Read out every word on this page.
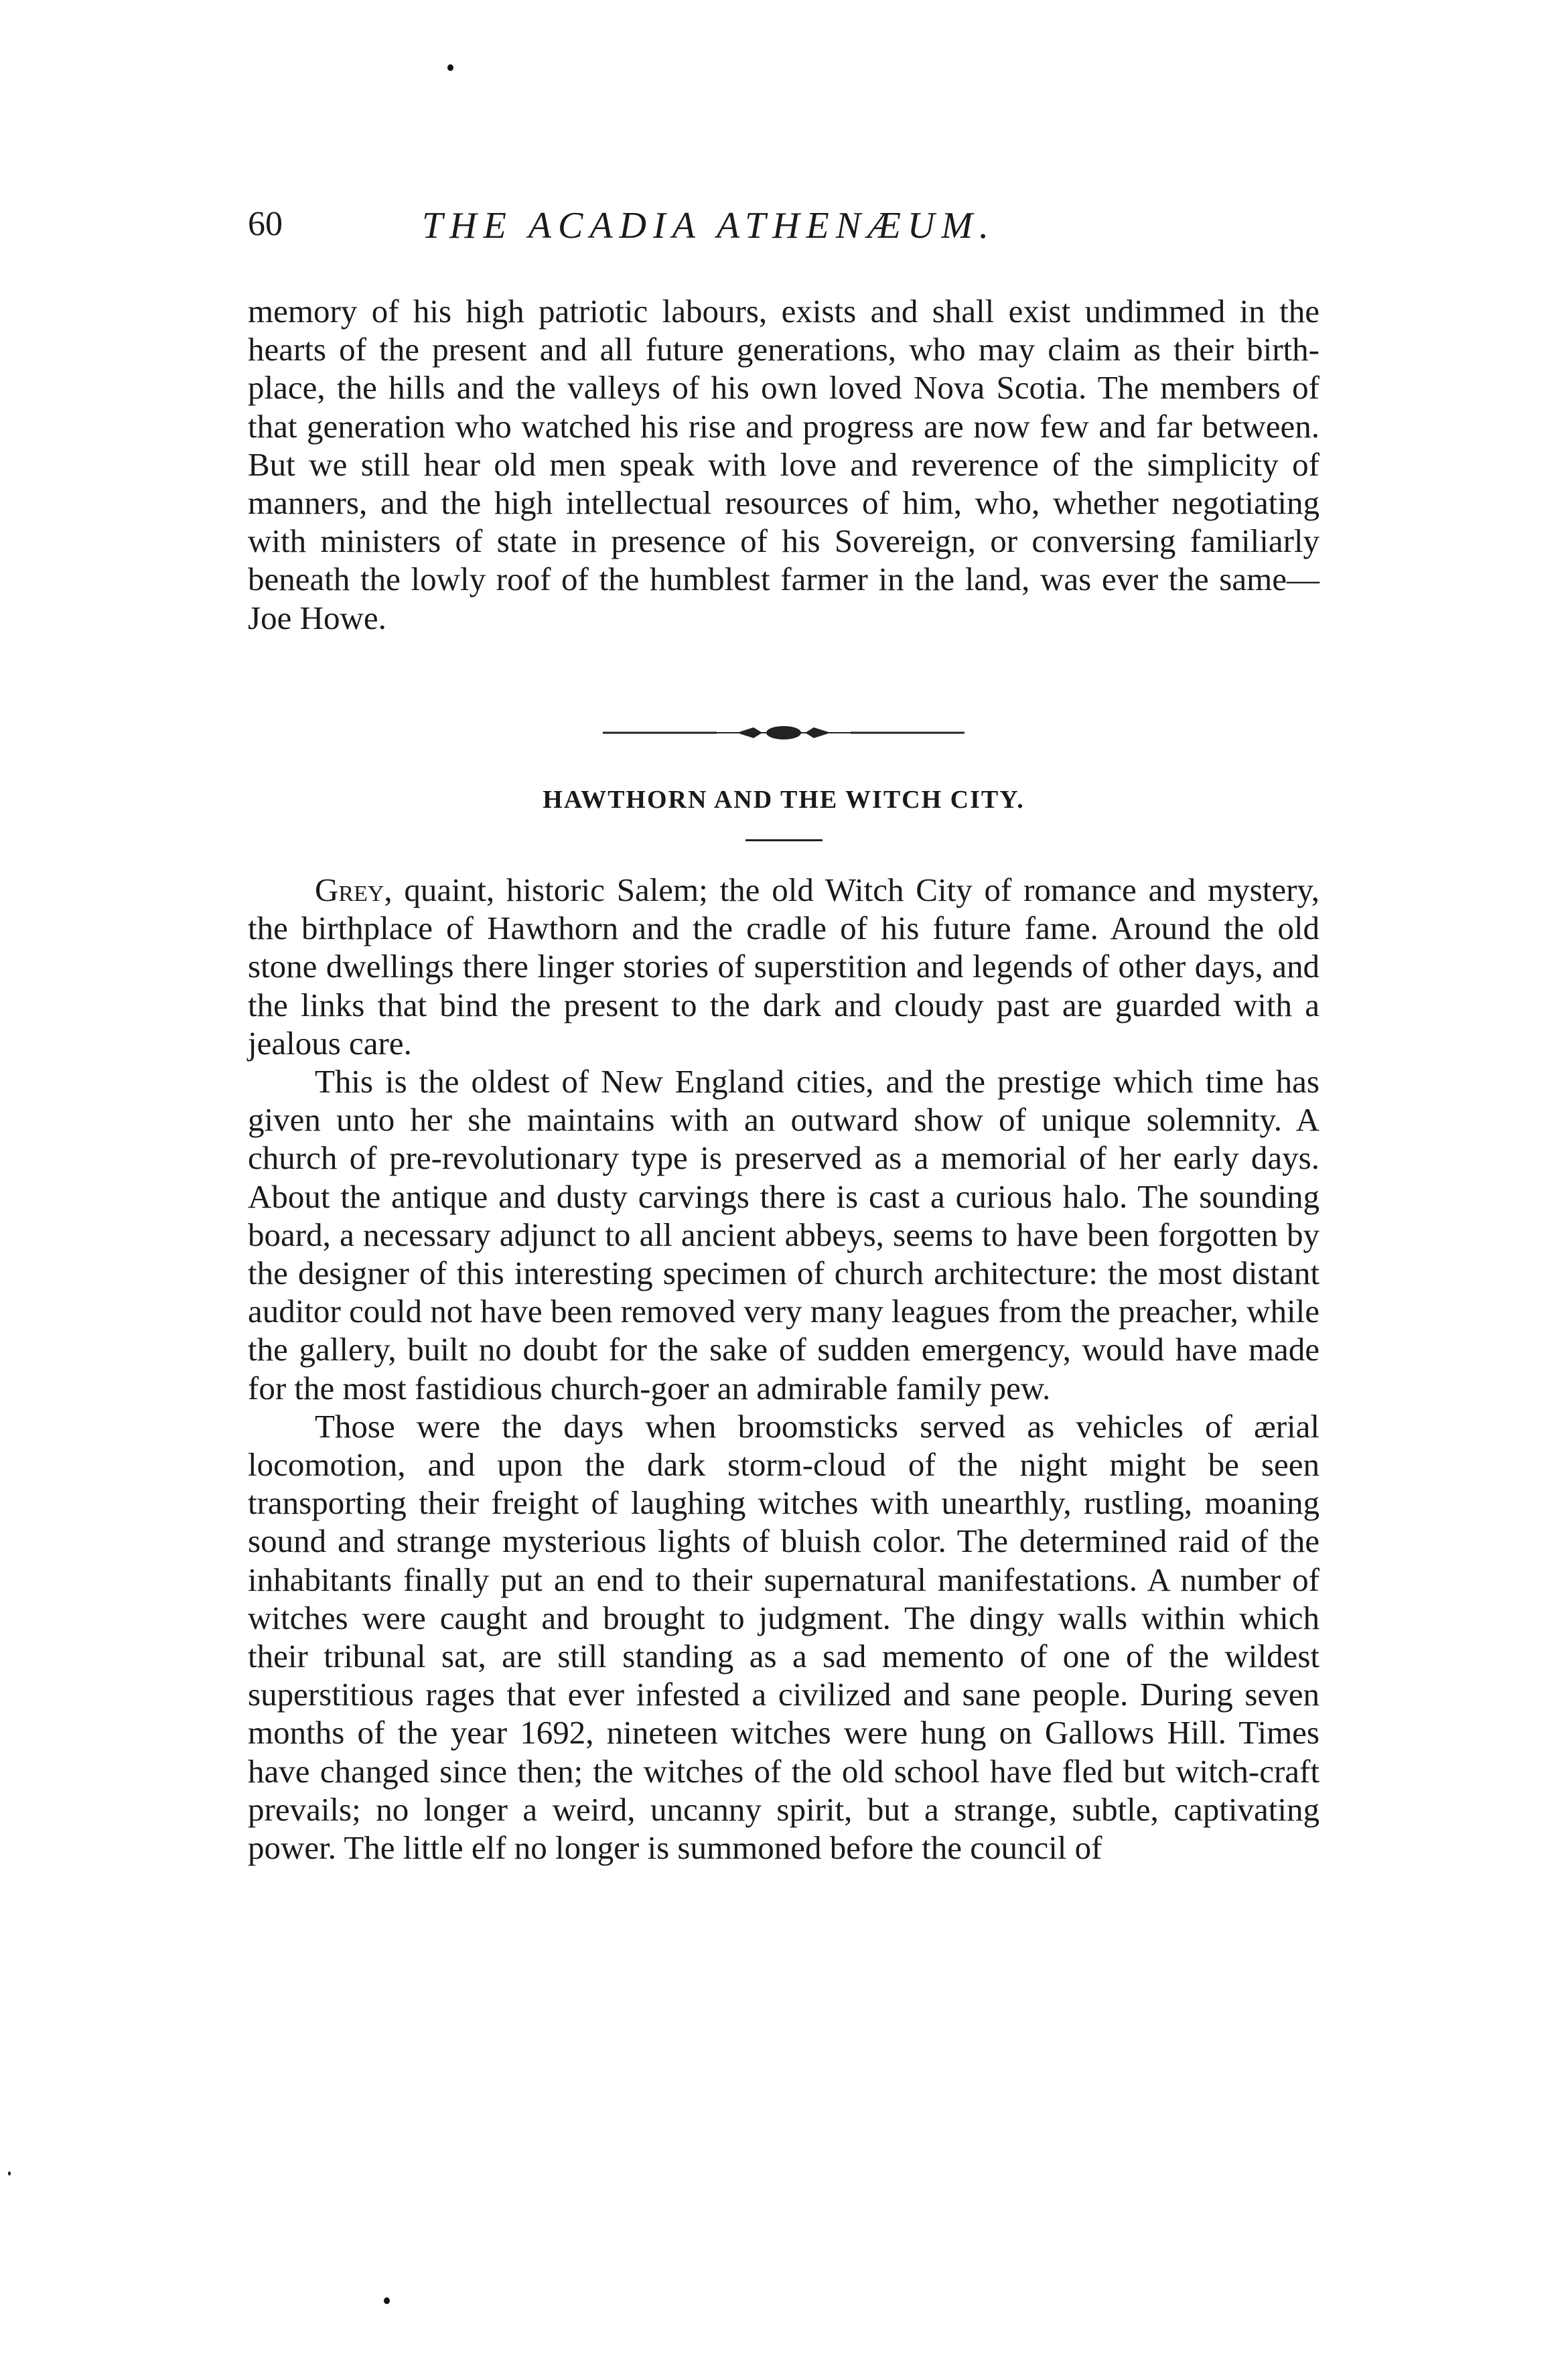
60	THE ACADIA ATHENÆUM.

memory of his high patriotic labours, exists and shall exist undimmed in the hearts of the present and all future generations, who may claim as their birth-place, the hills and the valleys of his own loved Nova Scotia. The members of that generation who watched his rise and progress are now few and far between. But we still hear old men speak with love and reverence of the simplicity of manners, and the high intellectual resources of him, who, whether negotiating with ministers of state in presence of his Sovereign, or conversing familiarly beneath the lowly roof of the humblest farmer in the land, was ever the same—Joe Howe.

HAWTHORN AND THE WITCH CITY.

Grey, quaint, historic Salem; the old Witch City of romance and mystery, the birthplace of Hawthorn and the cradle of his future fame. Around the old stone dwellings there linger stories of superstition and legends of other days, and the links that bind the present to the dark and cloudy past are guarded with a jealous care.

This is the oldest of New England cities, and the prestige which time has given unto her she maintains with an outward show of unique solemnity. A church of pre-revolutionary type is preserved as a memorial of her early days. About the antique and dusty carvings there is cast a curious halo. The sounding board, a necessary adjunct to all ancient abbeys, seems to have been forgotten by the designer of this interesting specimen of church architecture: the most distant auditor could not have been removed very many leagues from the preacher, while the gallery, built no doubt for the sake of sudden emergency, would have made for the most fastidious church-goer an admirable family pew.

Those were the days when broomsticks served as vehicles of ærial locomotion, and upon the dark storm-cloud of the night might be seen transporting their freight of laughing witches with unearthly, rustling, moaning sound and strange mysterious lights of bluish color. The determined raid of the inhabitants finally put an end to their supernatural manifestations. A number of witches were caught and brought to judgment. The dingy walls within which their tribunal sat, are still standing as a sad memento of one of the wildest superstitious rages that ever infested a civilized and sane people. During seven months of the year 1692, nineteen witches were hung on Gallows Hill. Times have changed since then; the witches of the old school have fled but witch-craft prevails; no longer a weird, uncanny spirit, but a strange, subtle, captivating power. The little elf no longer is summoned before the council of
